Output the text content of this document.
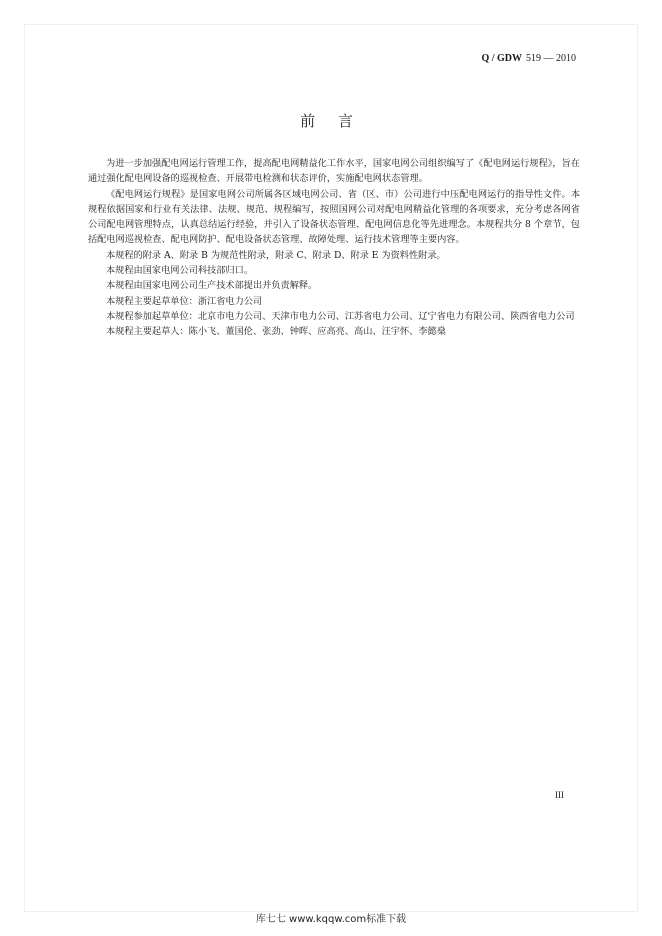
Q / GDW 519 — 2010
前 言

为进一步加强配电网运行管理工作，提高配电网精益化工作水平，国家电网公司组织编写了《配电网运行规程》，旨在通过强化配电网设备的巡视检查、开展带电检测和状态评价，实施配电网状态管理。

《配电网运行规程》是国家电网公司所属各区域电网公司、省（区、市）公司进行中压配电网运行的指导性文件。本规程依据国家和行业有关法律、法规、规范、规程编写，按照国网公司对配电网精益化管理的各项要求，充分考虑各网省公司配电网管理特点，认真总结运行经验，并引入了设备状态管理、配电网信息化等先进理念。本规程共分 8 个章节，包括配电网巡视检查、配电网防护、配电设备状态管理、故障处理、运行技术管理等主要内容。

本规程的附录 A、附录 B 为规范性附录，附录 C、附录 D、附录 E 为资料性附录。

本规程由国家电网公司科技部归口。

本规程由国家电网公司生产技术部提出并负责解释。

本规程主要起草单位：浙江省电力公司

本规程参加起草单位：北京市电力公司、天津市电力公司、江苏省电力公司、辽宁省电力有限公司、陕西省电力公司

本规程主要起草人：陈小飞、董国伦、张劲、钟晖、应高亮、高山、汪宇怀、李懿燊

III
库七七 www.kqqw.com标准下载
